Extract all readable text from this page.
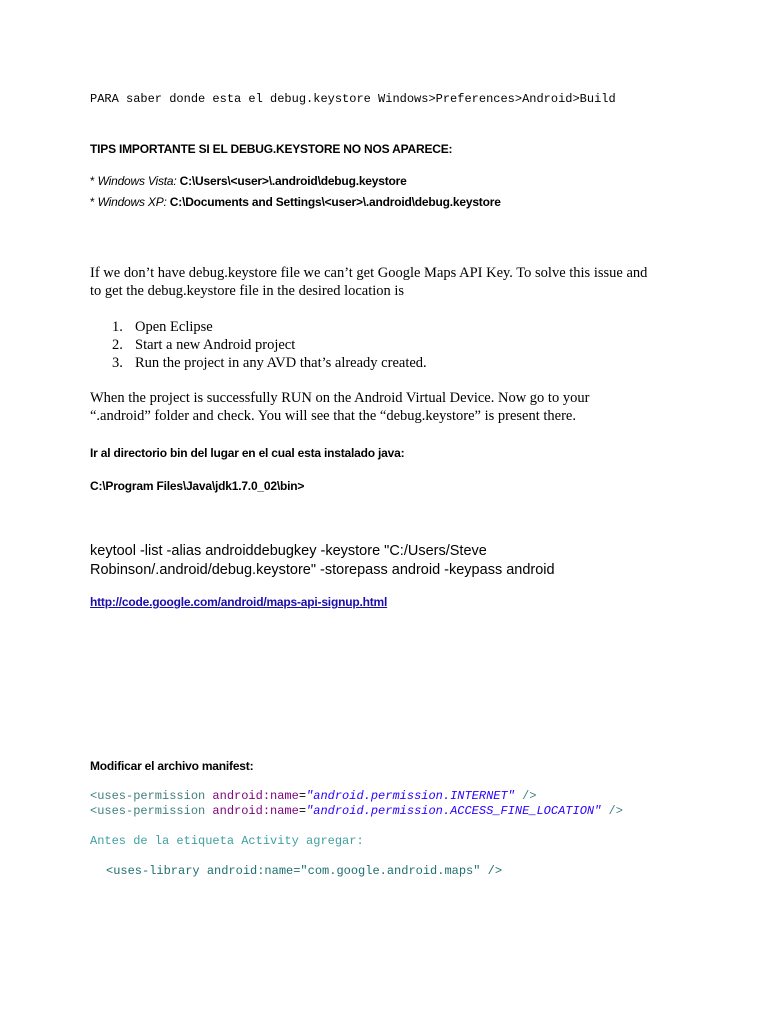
PARA saber donde esta el debug.keystore Windows>Preferences>Android>Build
TIPS IMPORTANTE SI EL DEBUG.KEYSTORE NO NOS APARECE:
* Windows Vista: C:\Users\<user>\.android\debug.keystore
* Windows XP: C:\Documents and Settings\<user>\.android\debug.keystore
If we don’t have debug.keystore file we can’t get Google Maps API Key. To solve this issue and
to get the debug.keystore file in the desired location is
1. Open Eclipse
2. Start a new Android project
3. Run the project in any AVD that’s already created.
When the project is successfully RUN on the Android Virtual Device. Now go to your
“.android” folder and check. You will see that the “debug.keystore” is present there.
Ir al directorio bin del lugar en el cual esta instalado java:
C:\Program Files\Java\jdk1.7.0_02\bin>
keytool -list -alias androiddebugkey -keystore "C:/Users/Steve
Robinson/.android/debug.keystore" -storepass android -keypass android
http://code.google.com/android/maps-api-signup.html
Modificar el archivo manifest:
<uses-permission android:name="android.permission.INTERNET" />
<uses-permission android:name="android.permission.ACCESS_FINE_LOCATION" />
Antes de la etiqueta Activity agregar:
<uses-library android:name="com.google.android.maps" />
